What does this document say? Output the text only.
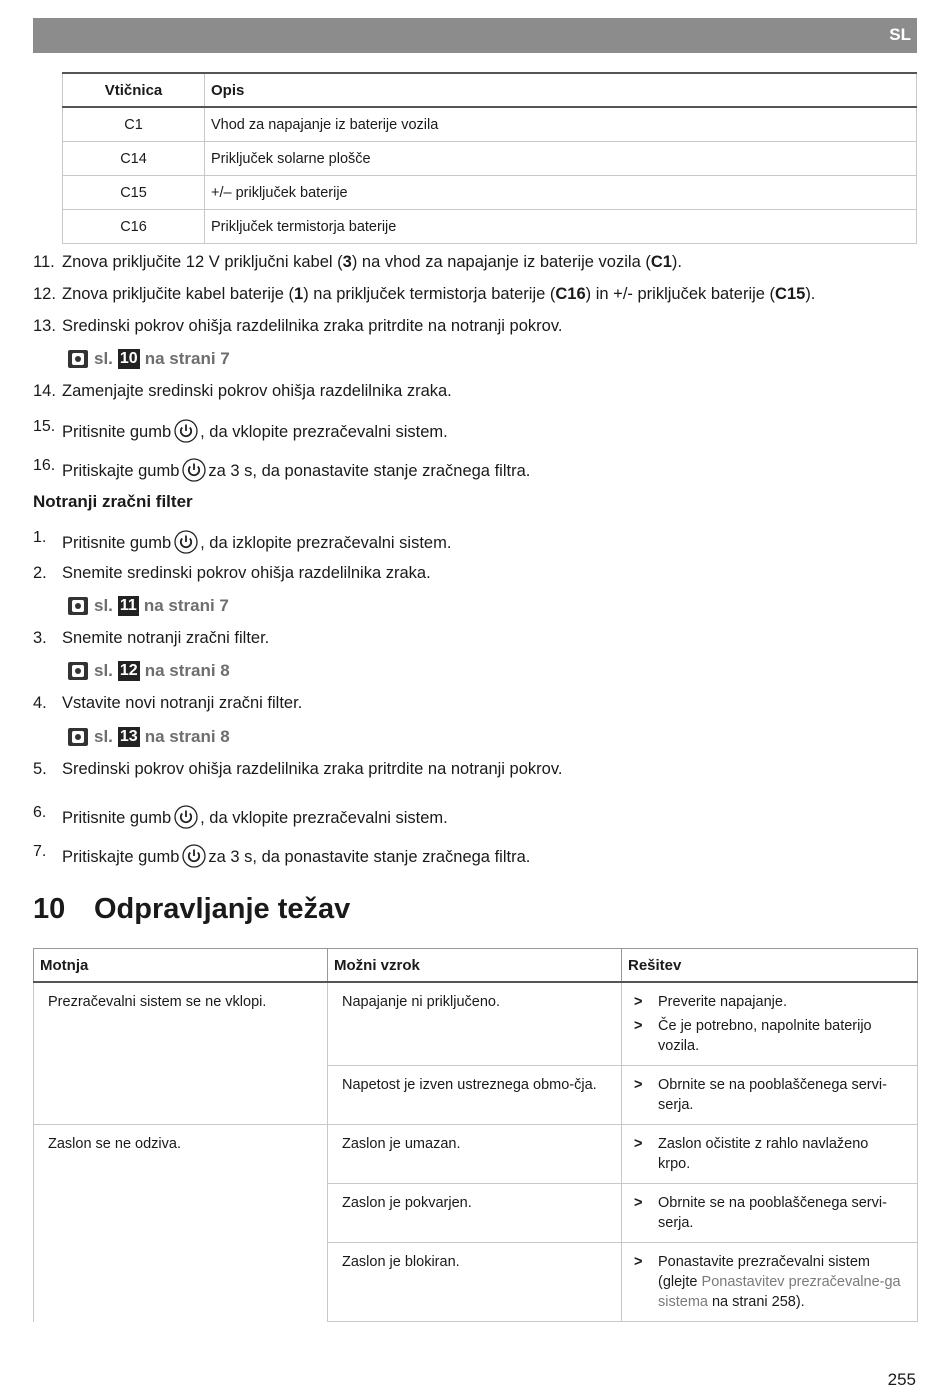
SL
Vtičnica	Opis
C1	Vhod za napajanje iz baterije vozila
C14	Priključek solarne plošče
C15	+/– priključek baterije
C16	Priključek termistorja baterije
11. Znova priključite 12 V priključni kabel (3) na vhod za napajanje iz baterije vozila (C1).
12. Znova priključite kabel baterije (1) na priključek termistorja baterije (C16) in +/- priključek baterije (C15).
13. Sredinski pokrov ohišja razdelilnika zraka pritrdite na notranji pokrov.
sl. 10 na strani 7
14. Zamenjajte sredinski pokrov ohišja razdelilnika zraka.
15. Pritisnite gumb , da vklopite prezračevalni sistem.
16. Pritiskajte gumb za 3 s, da ponastavite stanje zračnega filtra.
Notranji zračni filter
1. Pritisnite gumb , da izklopite prezračevalni sistem.
2. Snemite sredinski pokrov ohišja razdelilnika zraka.
sl. 11 na strani 7
3. Snemite notranji zračni filter.
sl. 12 na strani 8
4. Vstavite novi notranji zračni filter.
sl. 13 na strani 8
5. Sredinski pokrov ohišja razdelilnika zraka pritrdite na notranji pokrov.
6. Pritisnite gumb , da vklopite prezračevalni sistem.
7. Pritiskajte gumb za 3 s, da ponastavite stanje zračnega filtra.
10 Odpravljanje težav
Motnja	Možni vzrok	Rešitev
Prezračevalni sistem se ne vklopi.	Napajanje ni priključeno.	> Preverite napajanje.
> Če je potrebno, napolnite baterijo vozila.

	Napetost je izven ustreznega obmo-čja.	> Obrnite se na pooblaščenega servi-serja.

Zaslon se ne odziva.	Zaslon je umazan.	> Zaslon očistite z rahlo navlaženo krpo.

	Zaslon je pokvarjen.	> Obrnite se na pooblaščenega servi-serja.

	Zaslon je blokiran.	> Ponastavite prezračevalni sistem (glejte Ponastavitev prezračevalne-ga sistema na strani 258).
255
